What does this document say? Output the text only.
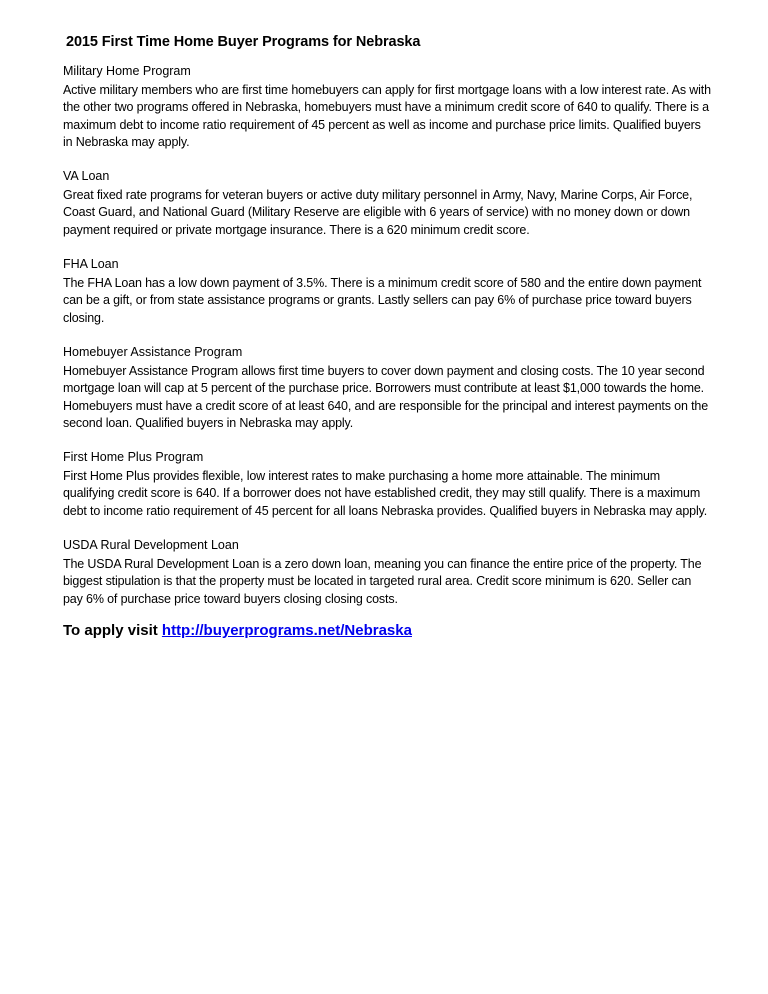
2015 First Time Home Buyer Programs for Nebraska
Military Home Program

Active military members who are first time homebuyers can apply for first mortgage loans with a low interest rate. As with the other two programs offered in Nebraska, homebuyers must have a minimum credit score of 640 to qualify. There is a maximum debt to income ratio requirement of 45 percent as well as income and purchase price limits. Qualified buyers in Nebraska may apply.

VA Loan

Great fixed rate programs for veteran buyers or active duty military personnel in Army, Navy, Marine Corps, Air Force, Coast Guard, and National Guard (Military Reserve are eligible with 6 years of service) with no money down or down payment required or private mortgage insurance. There is a 620 minimum credit score.

FHA Loan

The FHA Loan has a low down payment of 3.5%. There is a minimum credit score of 580 and the entire down payment can be a gift, or from state assistance programs or grants. Lastly sellers can pay 6% of purchase price toward buyers closing.

Homebuyer Assistance Program

Homebuyer Assistance Program allows first time buyers to cover down payment and closing costs. The 10 year second mortgage loan will cap at 5 percent of the purchase price. Borrowers must contribute at least $1,000 towards the home. Homebuyers must have a credit score of at least 640, and are responsible for the principal and interest payments on the second loan. Qualified buyers in Nebraska may apply.

First Home Plus Program

First Home Plus provides flexible, low interest rates to make purchasing a home more attainable. The minimum qualifying credit score is 640. If a borrower does not have established credit, they may still qualify. There is a maximum debt to income ratio requirement of 45 percent for all loans Nebraska provides. Qualified buyers in Nebraska may apply.

USDA Rural Development Loan

The USDA Rural Development Loan is a zero down loan, meaning you can finance the entire price of the property. The biggest stipulation is that the property must be located in targeted rural area. Credit score minimum is 620. Seller can pay 6% of purchase price toward buyers closing closing costs.

To apply visit http://buyerprograms.net/Nebraska
